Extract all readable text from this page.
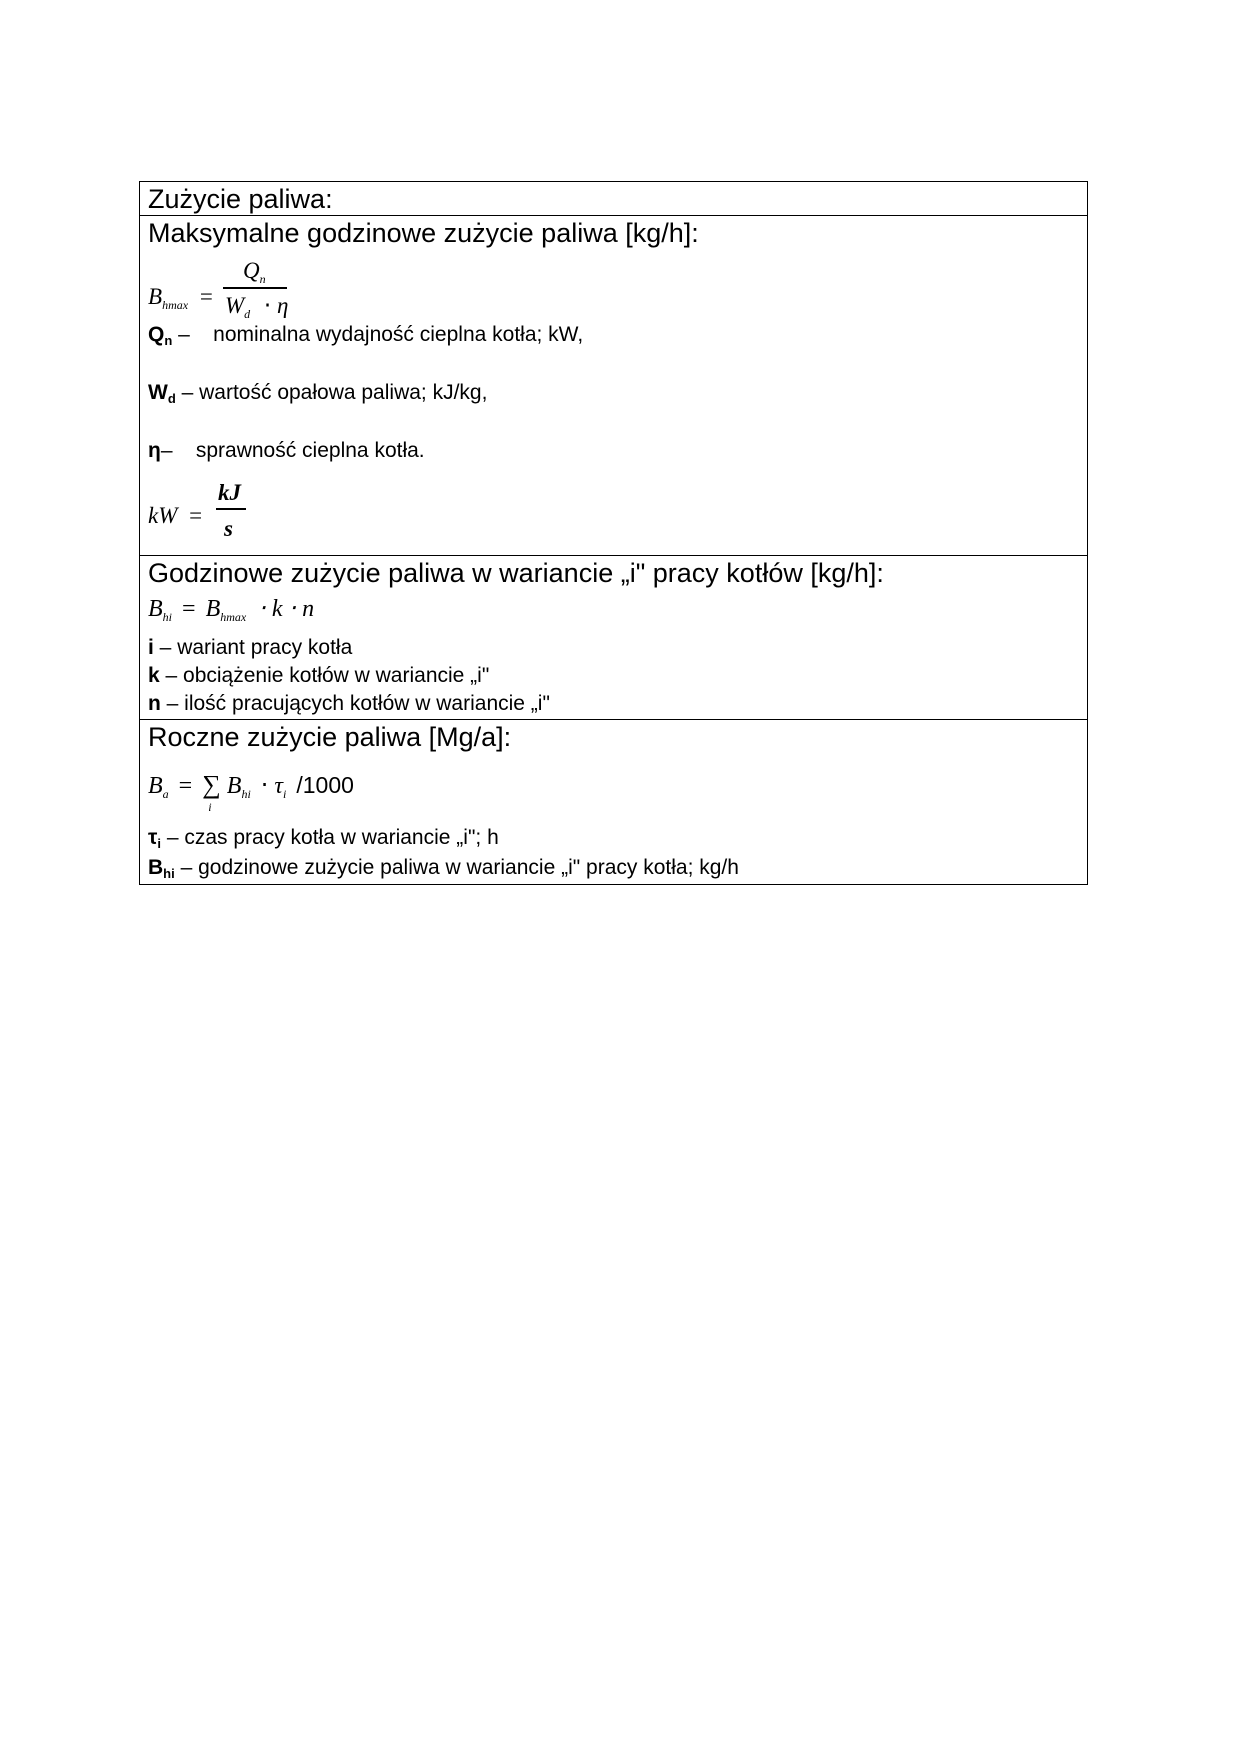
Zużycie paliwa:
Maksymalne godzinowe zużycie paliwa [kg/h]:
$B_{hmax}$ =
$Q_n$
$W_d \cdot \eta$
$Q_n$ –    nominalna wydajność cieplna kotła; kW,
$W_d$ – wartość opałowa paliwa; kJ/kg,
η–    sprawność cieplna kotła.
kW =
kJ
s
Godzinowe zużycie paliwa w wariancie „i" pracy kotłów [kg/h]:
$B_{hi} = B_{hmax} \cdot k \cdot n$
i – wariant pracy kotła
k – obciążenie kotłów w wariancie „i"
n – ilość pracujących kotłów w wariancie „i"
Roczne zużycie paliwa [Mg/a]:
$B_a$ = ∑
i
$B_{hi} \cdot \tau_i$ /1000
$\tau_i$ – czas pracy kotła w wariancie „i"; h
$B_{hi}$ – godzinowe zużycie paliwa w wariancie „i" pracy kotła; kg/h
